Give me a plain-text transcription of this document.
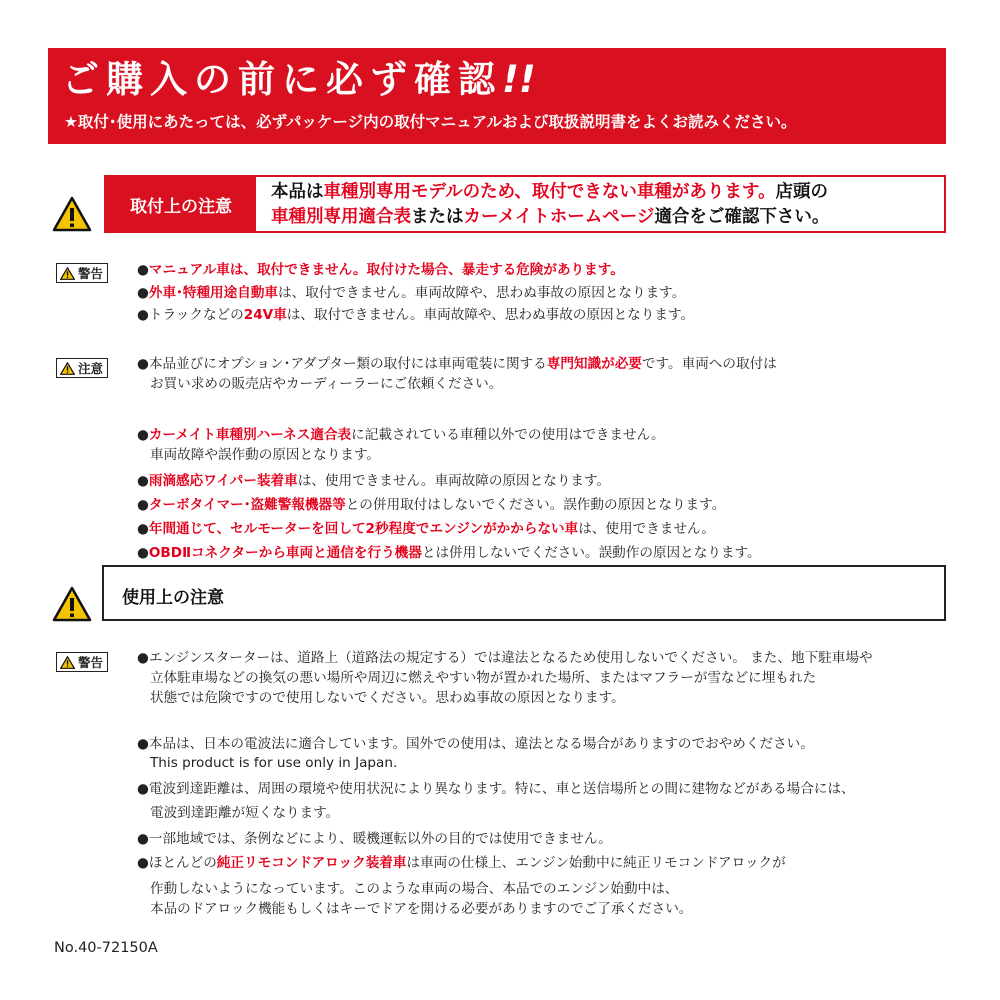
ご購入の前に必ず確認!!
★取付･使用にあたっては、必ずパッケージ内の取付マニュアルおよび取扱説明書をよくお読みください。
取付上の注意
本品は車種別専用モデルのため、取付できない車種があります。店頭の
車種別専用適合表またはカーメイトホームページ適合をご確認下さい。
警告 ●マニュアル車は、取付できません。取付けた場合、暴走する危険があります。
●外車･特種用途自動車は、取付できません。車両故障や、思わぬ事故の原因となります。
●トラックなどの24V車は、取付できません。車両故障や、思わぬ事故の原因となります。
注意 ●本品並びにオプション･アダプター類の取付には車両電装に関する専門知識が必要です。車両への取付は
お買い求めの販売店やカーディーラーにご依頼ください。
●カーメイト車種別ハーネス適合表に記載されている車種以外での使用はできません。
車両故障や誤作動の原因となります。
●雨滴感応ワイパー装着車は、使用できません。車両故障の原因となります。
●ターボタイマー･盗難警報機器等との併用取付はしないでください。誤作動の原因となります。
●年間通じて、セルモーターを回して2秒程度でエンジンがかからない車は、使用できません。
●OBDⅡコネクターから車両と通信を行う機器とは併用しないでください。誤動作の原因となります。
使用上の注意
警告 ●エンジンスターターは、道路上（道路法の規定する）では違法となるため使用しないでください。 また、地下駐車場や
立体駐車場などの換気の悪い場所や周辺に燃えやすい物が置かれた場所、またはマフラーが雪などに埋もれた
状態では危険ですので使用しないでください。思わぬ事故の原因となります。
●本品は、日本の電波法に適合しています。国外での使用は、違法となる場合がありますのでおやめください。
This product is for use only in Japan.
●電波到達距離は、周囲の環境や使用状況により異なります。特に、車と送信場所との間に建物などがある場合には、
電波到達距離が短くなります。
●一部地域では、条例などにより、暖機運転以外の目的では使用できません。
●ほとんどの純正リモコンドアロック装着車は車両の仕様上、エンジン始動中に純正リモコンドアロックが
作動しないようになっています。このような車両の場合、本品でのエンジン始動中は、
本品のドアロック機能もしくはキーでドアを開ける必要がありますのでご了承ください。
No.40-72150A
